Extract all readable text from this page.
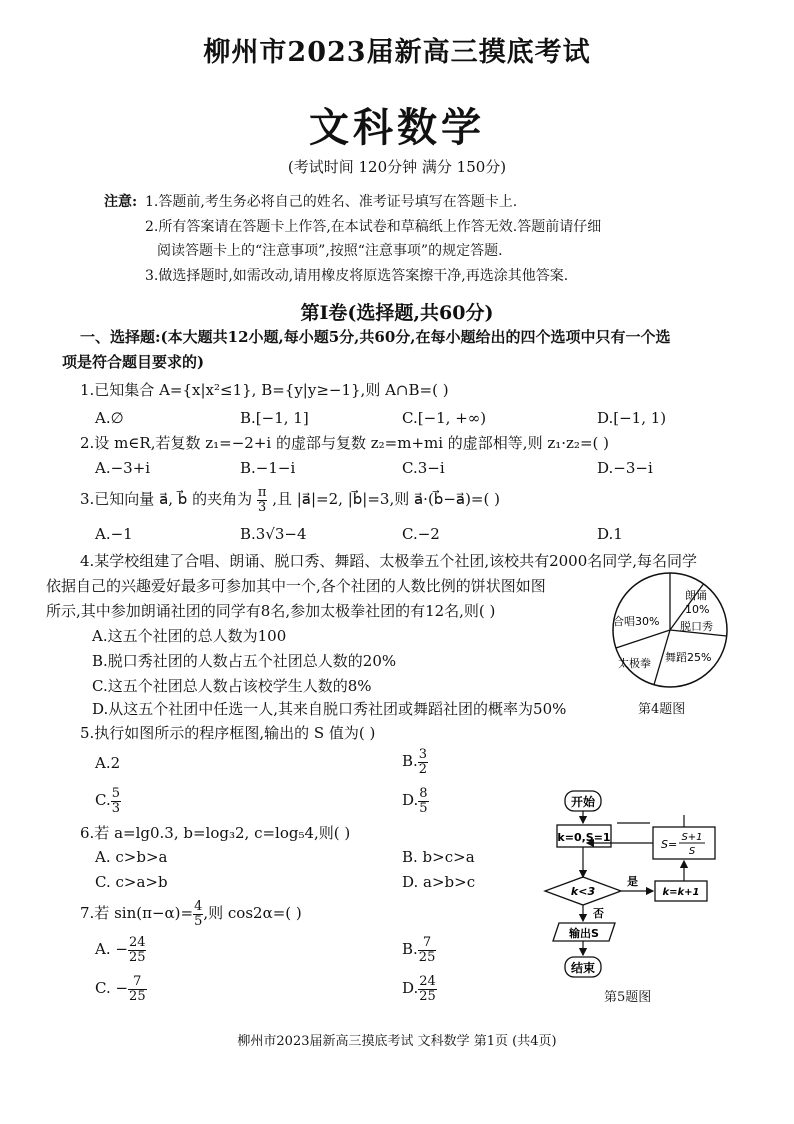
柳州市2023届新高三摸底考试
文科数学
(考试时间 120分钟 满分 150分)
注意: 1.答题前,考生务必将自己的姓名、准考证号填写在答题卡上.
2.所有答案请在答题卡上作答,在本试卷和草稿纸上作答无效.答题前请仔细
阅读答题卡上的“注意事项”,按照“注意事项”的规定答题.
3.做选择题时,如需改动,请用橡皮将原选答案擦干净,再选涂其他答案.
第Ⅰ卷(选择题,共60分)
一、选择题:(本大题共12小题,每小题5分,共60分,在每小题给出的四个选项中只有一个选
项是符合题目要求的)
1.已知集合 A={x|x²≤1}, B={y|y≥−1},则 A∩B=( )
A.∅	B.[−1, 1]	C.[−1, +∞)	D.[−1, 1)
2.设 m∈R,若复数 z₁=−2+i 的虚部与复数 z₂=m+mi 的虚部相等,则 z₁·z₂=( )
A.−3+i	B.−1−i	C.3−i	D.−3−i
3.已知向量 a⃗, b⃗ 的夹角为 $\frac{\pi}{3}$ ,且 |a⃗|=2, |b⃗|=3,则 a⃗·(b⃗−a⃗)=( )
A.−1	B.3√3−4	C.−2	D.1
4.某学校组建了合唱、朗诵、脱口秀、舞蹈、太极拳五个社团,该校共有2000名同学,每名同学
依据自己的兴趣爱好最多可参加其中一个,各个社团的人数比例的饼状图如图
所示,其中参加朗诵社团的同学有8名,参加太极拳社团的有12名,则( )
A.这五个社团的总人数为100
B.脱口秀社团的人数占五个社团总人数的20%
C.这五个社团总人数占该校学生人数的8%
D.从这五个社团中任选一人,其来自脱口秀社团或舞蹈社团的概率为50%
朗诵
10%
合唱30% 脱口秀
舞蹈25%
太极拳
第4题图
5.执行如图所示的程序框图,输出的 S 值为( )
A.2	B. $\frac{3}{2}$
C. $\frac{5}{3}$	D. $\frac{8}{5}$	开始
k=0,S=1
S=
S+1
S
k<3
是
k=k+1
否
输出S
结束
第5题图
6.若 a=lg0.3, b=log₃2, c=log₅4,则( )
A. c>b>a	B. b>c>a
C. c>a>b	D. a>b>c
7.若 $\sin(\pi-\alpha)= \frac{4}{5}$ ,则 cos2α=( )
A. − $\frac{24}{25}$	B. $\frac{7}{25}$
C. − $\frac{7}{25}$	D. $\frac{24}{25}$
柳州市2023届新高三摸底考试 文科数学 第1页 (共4页)
